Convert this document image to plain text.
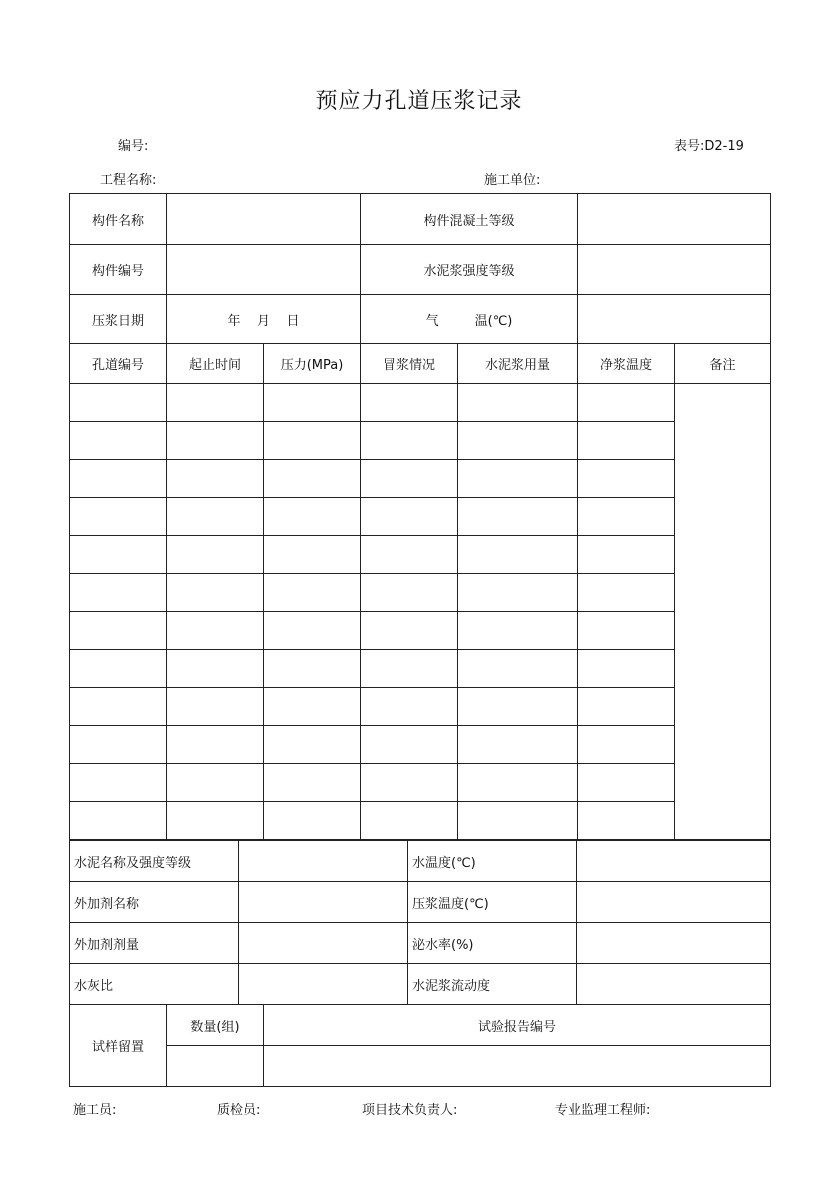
预应力孔道压浆记录
编号:	表号:D2-19
工程名称:	施工单位:
构件名称			构件混凝土等级			
构件编号			水泥浆强度等级			
压浆日期	年 月 日		气 温(℃)			
孔道编号	起止时间	压力(MPa)	冒浆情况	水泥浆用量	净浆温度	备注

水泥名称及强度等级		水温度(℃)	
外加剂名称		压浆温度(℃)	
外加剂剂量		泌水率(%)	
水灰比		水泥浆流动度	
试样留置	数量(组)	试验报告编号

施工员:	质检员:	项目技术负责人:	专业监理工程师:
